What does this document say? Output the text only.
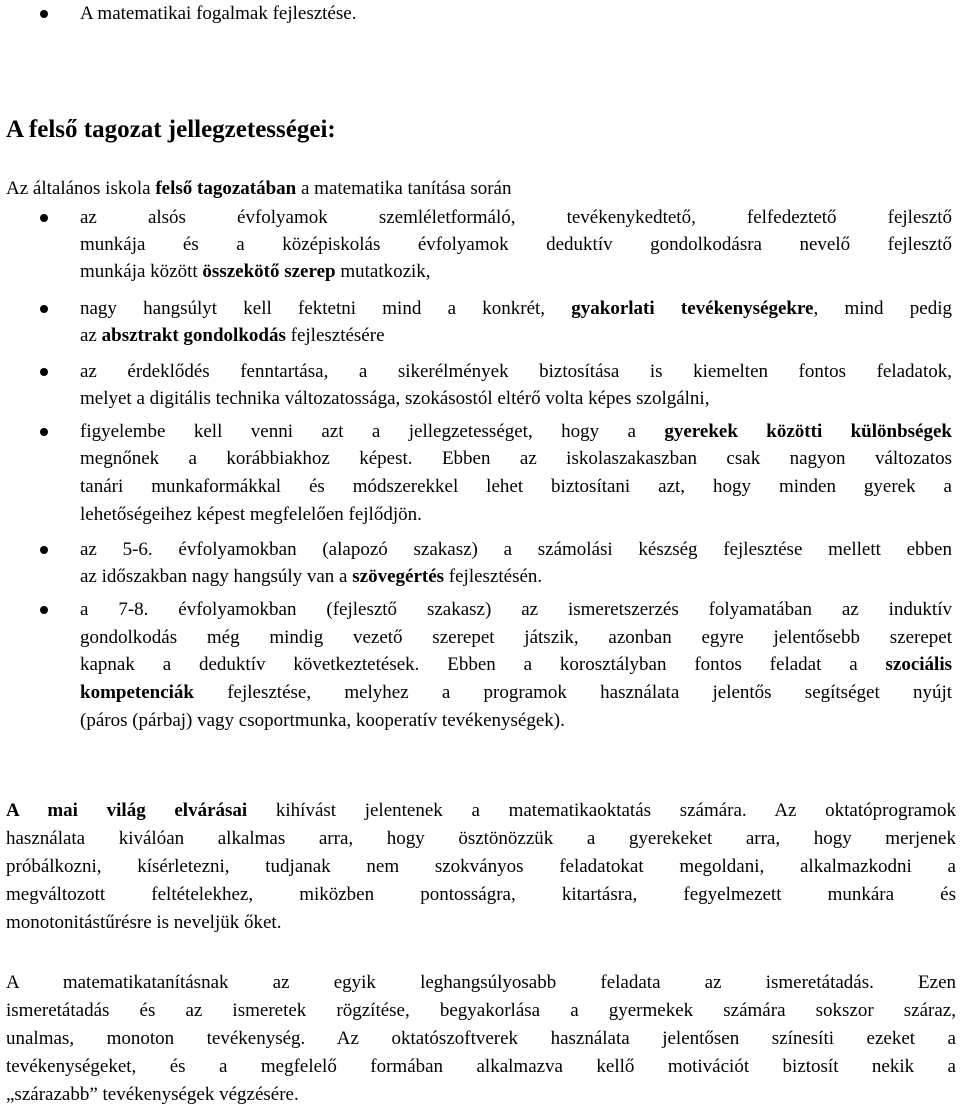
A matematikai fogalmak fejlesztése.
A felső tagozat jellegzetességei:
Az általános iskola felső tagozatában a matematika tanítása során
az alsós évfolyamok szemléletformáló, tevékenykedtető, felfedeztető fejlesztő
munkája és a középiskolás évfolyamok deduktív gondolkodásra nevelő fejlesztő
munkája között összekötő szerep mutatkozik,
nagy hangsúlyt kell fektetni mind a konkrét, gyakorlati tevékenységekre, mind pedig
az absztrakt gondolkodás fejlesztésére
az érdeklődés fenntartása, a sikerélmények biztosítása is kiemelten fontos feladatok,
melyet a digitális technika változatossága, szokásostól eltérő volta képes szolgálni,
figyelembe kell venni azt a jellegzetességet, hogy a gyerekek közötti különbségek
megnőnek a korábbiakhoz képest. Ebben az iskolaszakaszban csak nagyon változatos
tanári munkaformákkal és módszerekkel lehet biztosítani azt, hogy minden gyerek a
lehetőségeihez képest megfelelően fejlődjön.
az 5-6. évfolyamokban (alapozó szakasz) a számolási készség fejlesztése mellett ebben
az időszakban nagy hangsúly van a szövegértés fejlesztésén.
a 7-8. évfolyamokban (fejlesztő szakasz) az ismeretszerzés folyamatában az induktív
gondolkodás még mindig vezető szerepet játszik, azonban egyre jelentősebb szerepet
kapnak a deduktív következtetések. Ebben a korosztályban fontos feladat a szociális
kompetenciák fejlesztése, melyhez a programok használata jelentős segítséget nyújt
(páros (párbaj) vagy csoportmunka, kooperatív tevékenységek).
A mai világ elvárásai kihívást jelentenek a matematikaoktatás számára. Az oktatóprogramok
használata kiválóan alkalmas arra, hogy ösztönözzük a gyerekeket arra, hogy merjenek
próbálkozni, kísérletezni, tudjanak nem szokványos feladatokat megoldani, alkalmazkodni a
megváltozott feltételekhez, miközben pontosságra, kitartásra, fegyelmezett munkára és
monotonitástűrésre is neveljük őket.
A matematikatanításnak az egyik leghangsúlyosabb feladata az ismeretátadás. Ezen
ismeretátadás és az ismeretek rögzítése, begyakorlása a gyermekek számára sokszor száraz,
unalmas, monoton tevékenység. Az oktatószoftverek használata jelentősen színesíti ezeket a
tevékenységeket, és a megfelelő formában alkalmazva kellő motivációt biztosít nekik a
„szárazabb” tevékenységek végzésére.
